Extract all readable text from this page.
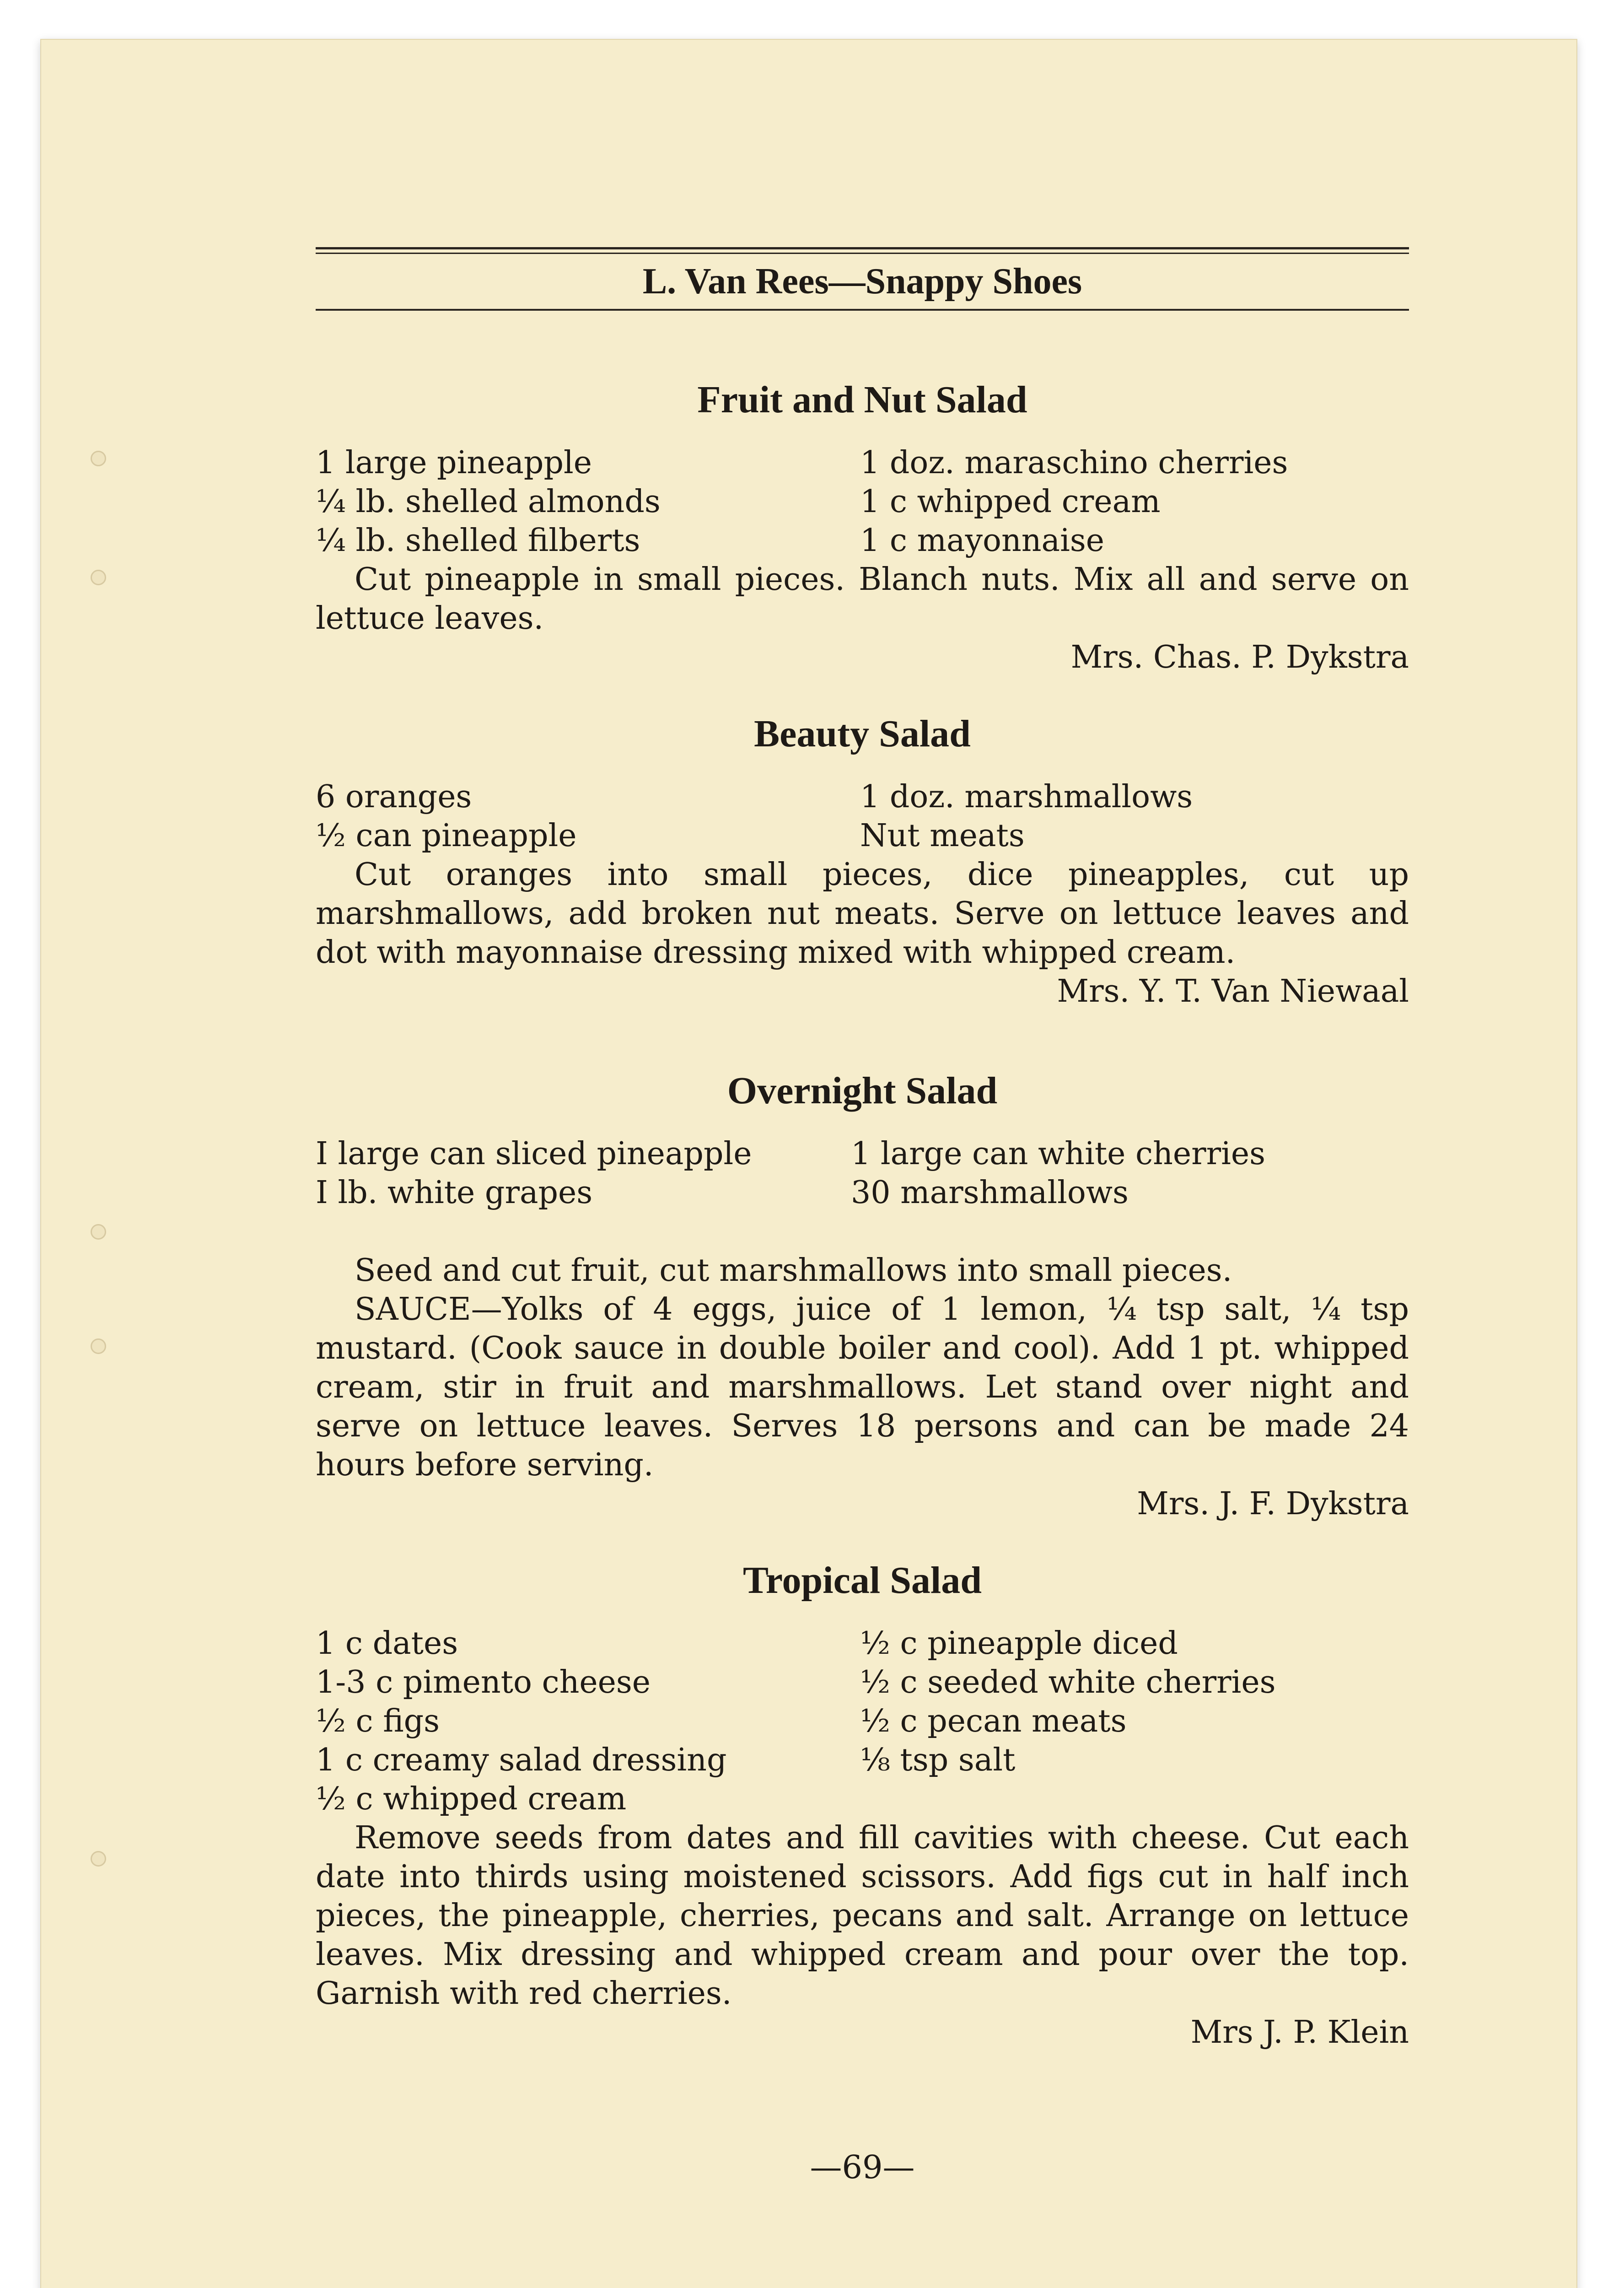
L. Van Rees—Snappy Shoes
Fruit and Nut Salad
1 large pineapple	1 doz. maraschino cherries
¼ lb. shelled almonds	1 c whipped cream
¼ lb. shelled filberts	1 c mayonnaise
Cut pineapple in small pieces. Blanch nuts. Mix all and serve on lettuce leaves.
Mrs. Chas. P. Dykstra
Beauty Salad
6 oranges	1 doz. marshmallows
½ can pineapple	Nut meats
Cut oranges into small pieces, dice pineapples, cut up marshmallows, add broken nut meats. Serve on lettuce leaves and dot with mayonnaise dressing mixed with whipped cream.
Mrs. Y. T. Van Niewaal
Overnight Salad
I large can sliced pineapple	1 large can white cherries
I lb. white grapes	30 marshmallows
Seed and cut fruit, cut marshmallows into small pieces.
SAUCE—Yolks of 4 eggs, juice of 1 lemon, ¼ tsp salt, ¼ tsp mustard. (Cook sauce in double boiler and cool). Add 1 pt. whipped cream, stir in fruit and marshmallows. Let stand over night and serve on lettuce leaves. Serves 18 persons and can be made 24 hours before serving.
Mrs. J. F. Dykstra
Tropical Salad
1 c dates	½ c pineapple diced
1-3 c pimento cheese	½ c seeded white cherries
½ c figs	½ c pecan meats
1 c creamy salad dressing	⅛ tsp salt
½ c whipped cream
Remove seeds from dates and fill cavities with cheese. Cut each date into thirds using moistened scissors. Add figs cut in half inch pieces, the pineapple, cherries, pecans and salt. Arrange on lettuce leaves. Mix dressing and whipped cream and pour over the top. Garnish with red cherries.
Mrs J. P. Klein
—69—
